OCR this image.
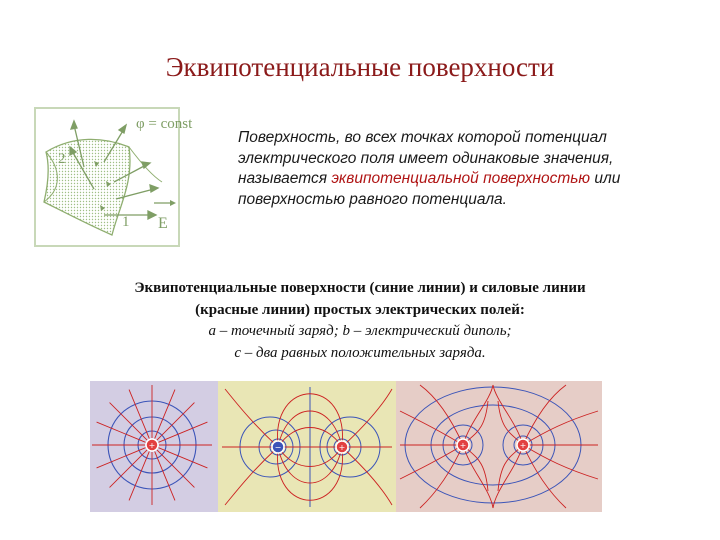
Эквипотенциальные поверхности
φ = const
2
1 E
Поверхность, во всех точках которой потенциал электрического поля имеет одинаковые значения, называется эквипотенциальной поверхностью или поверхностью равного потенциала.
Эквипотенциальные поверхности (синие линии) и силовые линии
(красные линии) простых электрических полей:
а – точечный заряд; b – электрический диполь;
с – два равных положительных заряда.
+	−	+	+	+
